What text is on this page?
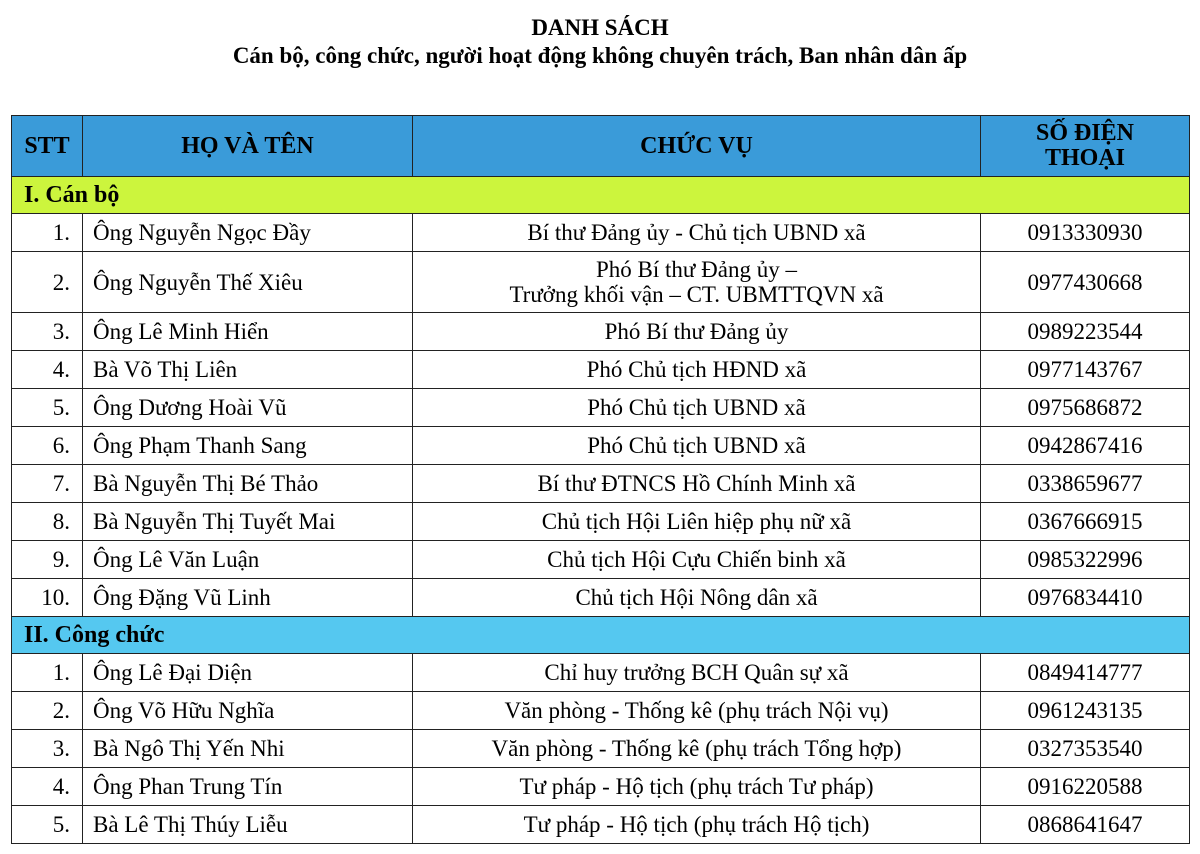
DANH SÁCH
Cán bộ, công chức, người hoạt động không chuyên trách, Ban nhân dân ấp
STT	HỌ VÀ TÊN	CHỨC VỤ	SỐ ĐIỆN
THOẠI
I. Cán bộ			
1.	Ông Nguyễn Ngọc Đầy	Bí thư Đảng ủy - Chủ tịch UBND xã	0913330930
2.	Ông Nguyễn Thế Xiêu	Phó Bí thư Đảng ủy –
Trưởng khối vận – CT. UBMTTQVN xã	0977430668
3.	Ông Lê Minh Hiển	Phó Bí thư Đảng ủy	0989223544
4.	Bà Võ Thị Liên	Phó Chủ tịch HĐND xã	0977143767
5.	Ông Dương Hoài Vũ	Phó Chủ tịch UBND xã	0975686872
6.	Ông Phạm Thanh Sang	Phó Chủ tịch UBND xã	0942867416
7.	Bà Nguyễn Thị Bé Thảo	Bí thư ĐTNCS Hồ Chính Minh xã	0338659677
8.	Bà Nguyễn Thị Tuyết Mai	Chủ tịch Hội Liên hiệp phụ nữ xã	0367666915
9.	Ông Lê Văn Luận	Chủ tịch Hội Cựu Chiến binh xã	0985322996
10.	Ông Đặng Vũ Linh	Chủ tịch Hội Nông dân xã	0976834410
II. Công chức			
1.	Ông Lê Đại Diện	Chỉ huy trưởng BCH Quân sự xã	0849414777
2.	Ông Võ Hữu Nghĩa	Văn phòng - Thống kê (phụ trách Nội vụ)	0961243135
3.	Bà Ngô Thị Yến Nhi	Văn phòng - Thống kê (phụ trách Tổng hợp)	0327353540
4.	Ông Phan Trung Tín	Tư pháp - Hộ tịch (phụ trách Tư pháp)	0916220588
5.	Bà Lê Thị Thúy Liễu	Tư pháp - Hộ tịch (phụ trách Hộ tịch)	0868641647
